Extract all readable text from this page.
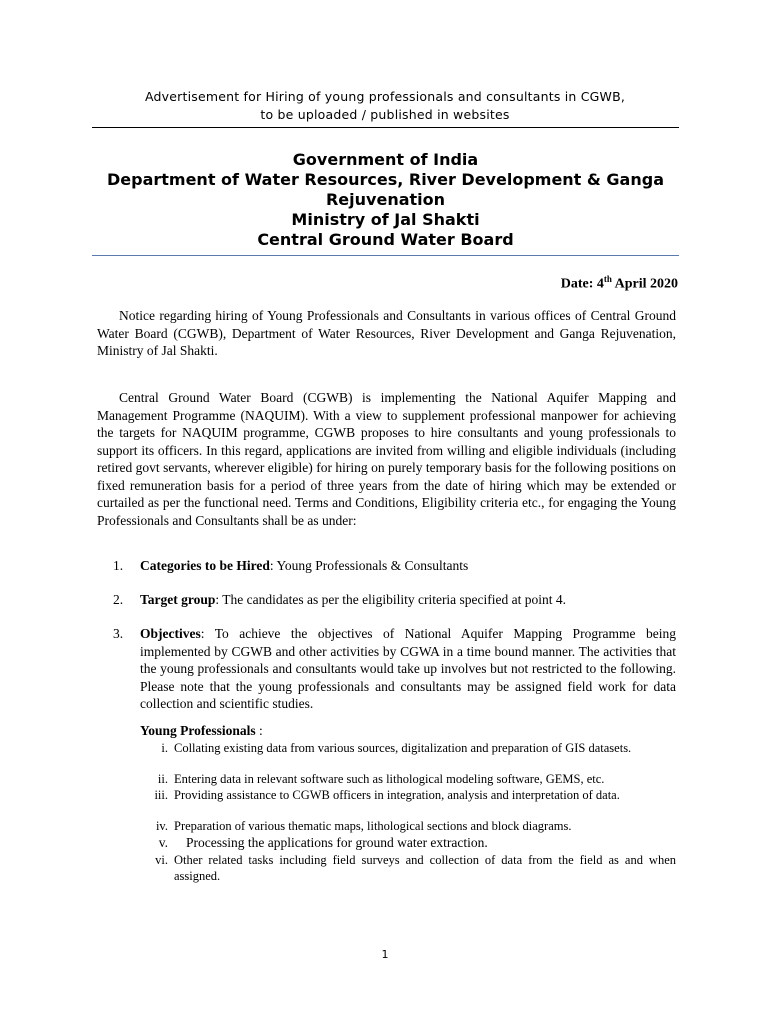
Advertisement for Hiring of young professionals and consultants in CGWB,
to be uploaded / published in websites
Government of India
Department of Water Resources, River Development & Ganga
Rejuvenation
Ministry of Jal Shakti
Central Ground Water Board
Date: 4th April 2020
Notice regarding hiring of Young Professionals and Consultants in various offices of Central Ground Water Board (CGWB), Department of Water Resources, River Development and Ganga Rejuvenation, Ministry of Jal Shakti.
Central Ground Water Board (CGWB) is implementing the National Aquifer Mapping and Management Programme (NAQUIM). With a view to supplement professional manpower for achieving the targets for NAQUIM programme, CGWB proposes to hire consultants and young professionals to support its officers. In this regard, applications are invited from willing and eligible individuals (including retired govt servants, wherever eligible) for hiring on purely temporary basis for the following positions on fixed remuneration basis for a period of three years from the date of hiring which may be extended or curtailed as per the functional need. Terms and Conditions, Eligibility criteria etc., for engaging the Young Professionals and Consultants shall be as under:
1. Categories to be Hired: Young Professionals & Consultants
2. Target group: The candidates as per the eligibility criteria specified at point 4.
3. Objectives: To achieve the objectives of National Aquifer Mapping Programme being implemented by CGWB and other activities by CGWA in a time bound manner. The activities that the young professionals and consultants would take up involves but not restricted to the following. Please note that the young professionals and consultants may be assigned field work for data collection and scientific studies.
Young Professionals :
i. Collating existing data from various sources, digitalization and preparation of GIS datasets.
ii. Entering data in relevant software such as lithological modeling software, GEMS, etc.
iii. Providing assistance to CGWB officers in integration, analysis and interpretation of data.
iv. Preparation of various thematic maps, lithological sections and block diagrams.
v. Processing the applications for ground water extraction.
vi. Other related tasks including field surveys and collection of data from the field as and when assigned.
1
